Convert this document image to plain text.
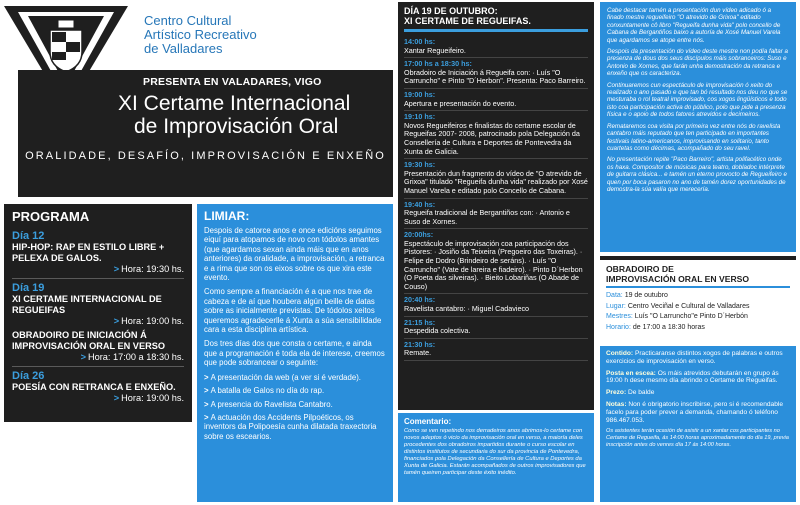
Centro Cultural
Artístico Recreativo
de Valladares
PRESENTA EN VALADARES, VIGO
XI Certame Internacional
de Improvisación Oral
ORALIDADE, DESAFÍO, IMPROVISACIÓN E ENXEÑO
PROGRAMA
Día 12
HIP-HOP: RAP EN ESTILO LIBRE + PELEXA DE GALOS.
> Hora: 19:30 hs.
Día 19
XI CERTAME INTERNACIONAL DE REGUEIFAS
> Hora: 19:00 hs.
OBRADOIRO DE INICIACIÓN Á IMPROVISACIÓN ORAL EN VERSO
> Hora: 17:00 a 18:30 hs.
Día 26
POESÍA CON RETRANCA E ENXEÑO.
> Hora: 19:00 hs.
LIMIAR:

Despois de catorce anos e once edicións seguimos eiquí para atopamos de novo con tódolos amantes (que agardamos sexan ainda máis que en anos anteriores) da oralidade, a improvisación, a retranca e a rima que son os eixos sobre os que xira este evento.

Como sempre a financiación é a que nos trae de cabeza e de aí que houbera algún beille de datas sobre as inicialmente previstas. De tódolos xeitos queremos agradecerlle á Xunta a súa sensibilidade cara a esta disciplina artística.

Dos tres días dos que consta o certame, e ainda que a programación é toda ela de interese, creemos que pode sobrancear o seguinte:

> A presentación da web (a ver si é verdade).
> A batalla de Galos no día do rap.
> A presencia do Ravelista Cantabro.
> A actuación dos Accidents Pilpoéticos, os inventors da Polipoesía cunha dilatada traxectoria sobre os escearios.
DÍA 19 DE OUTUBRO:
XI CERTAME DE REGUEIFAS.
14:00 hs:
Xantar Regueifeiro.
17:00 hs a 18:30 hs:
Obradoiro de Iniciación á Regueifa con: · Luís "O Carruncho" e Pinto "D´Herbon". Presenta: Paco Barreiro.
19:00 hs:
Apertura e presentación do evento.
19:10 hs:
Novos Regueifeiros e finalistas do certame escolar de Regueifas 2007- 2008, patrocinado pola Delegación da Consellería de Cultura e Deportes de Pontevedra da Xunta de Galicia.
19:30 hs:
Presentación dun fragmento do vídeo de "O atrevido de Grixoa" titulado "Regueifa dunha vida" realizado por Xosé Manuel Varela e editado polo Concello de Cabana.
19:40 hs:
Regueifa tradicional de Bergantiños con: · Antonio e Suso de Xornes.
20:00hs:
Espectáculo de improvisación coa participación dos Pistores: · Josiño da Teixeira (Pregoeiro das Toxeiras). · Felipe de Dodro (Brindeiro de seráns). · Luís "O Carruncho" (Vate de lareira e fiadeiro). · Pinto D´Herbon (O Poeta das silveiras). · Bieito Lobariñas (O Abade de Couso)
20:40 hs:
Ravelista cantabro: · Miguel Cadavieco
21:15 hs:
Despedida colectiva.
21:30 hs:
Remate.
Comentario:

Como se ven repetindo nos derradeiros anos abrimos-lo certame con novos adeptos ó vicio da improvisación oral en verso, a maioría deles procedentes dos obradoiros impartidos durante o curso escolar en distintos institutos de secundaria do sur da provincia de Pontevedra, financiados pola Delegación da Consellería de Cultura e Deportes da Xunta de Galicia. Estarán acompañados de outros improvisadores que tamén queiren participar deste éxito inédito.

Cabe destacar tamén a presentación dun vídeo adicado ó a finado mestre regueifeiro "O atrevido de Grixoa" editado conxuntamente cô libro "Regueifa dunha vida" polo concello de Cabana de Bergantiños baixo a autoría de Xosé Manuel Varela que agardamos se atope entre nós.

Despois da presentación do vídeo deste mestre non podía faltar a presenza de dous dos seus discípulos máis sobranceiros: Suso e Antonio de Xornes, que farán unha demostración da retranca e enxeño que os caracteriza.

Continuaremos cun espectáculo de improvisación ó xeito do realizado o ano pasado e que tan bó resultado nos deu no que se mesturaba o rol teatral improvisado, cos xogos lingüísticos e todo isto coa participación activa do público, polo que pide a presenza física e o apoio de todos fatores atrevidos e decimeiros.

Remataremos coa visita por primeira vez entre nós do ravelista cantabro máis reputado que ten participado en importantes festivais latino-americanos, improvisando en solitario, tanto cuartetas como décimas, acompañado do seu ravel.

No presentación repite "Paco Barreiro", artista polifacético onde os haxa. Compositor de músicas para teatro, dobladoc intérprete de guitarra clásica... e tamén un eterno provocto de Regueifeiro e quen por boca pasaron no ano de tamén dorez oportunidades de demostra-la súa valía que merecería.

OBRADOIRO DE
IMPROVISACIÓN ORAL EN VERSO
Data: 19 de outubro
Lugar: Centro Veciñal e Cultural de Valladares
Mestres: Luís "O Larruncho"e Pinto D´Herbón
Horario: de 17:00 a 18:30 horas

Contido: Practicaranse distintos xogos de palabras e outros exercicios de improvisación en verso.

Posta en escea: Os máis atrevidos debutarán en grupo ás 19:00 h dese mesmo día abrindo o Certame de Regueifas.

Prezo: De balde

Notas: Non é obrigatorio inscribirse, pero si é recomendable facelo para poder prever a demanda, chamando ó teléfono 986.467.053.

Os asistentes terán ocasión de asistir a un xantar cos participantes no Certame de Regueifa, ás 14:00 horas aproximadamente do día 19, previa inscripción antes do venres día 17 ás 14:00 horas.
